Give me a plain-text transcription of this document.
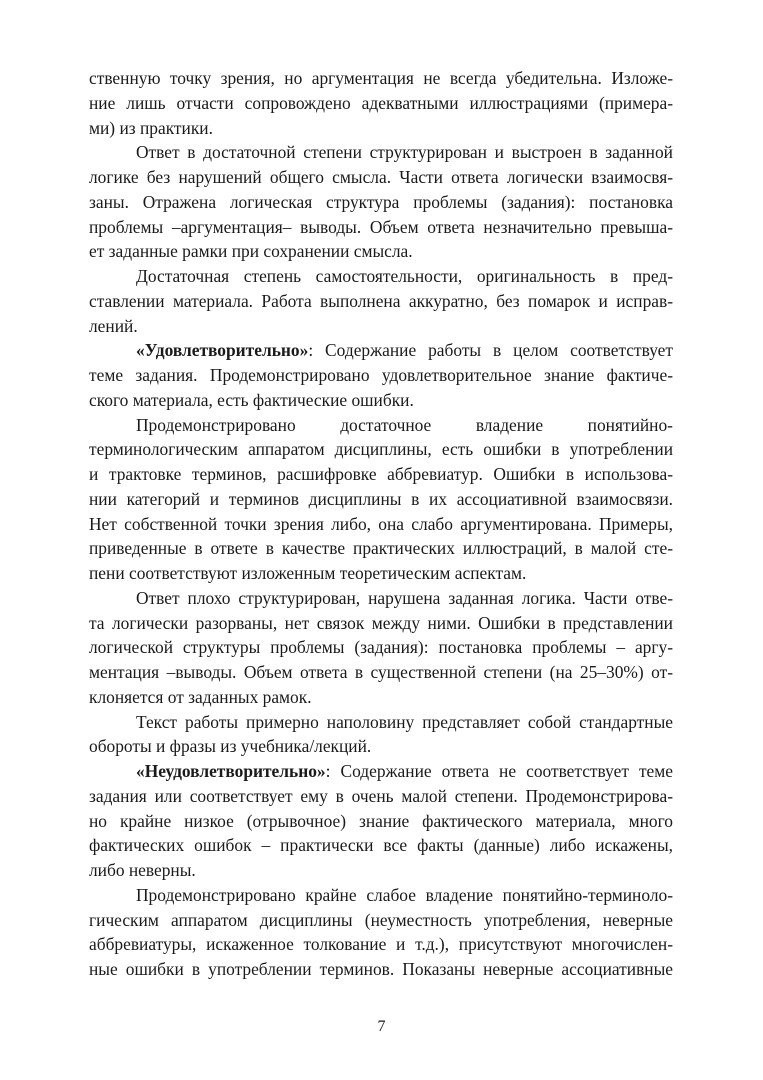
ственную точку зрения, но аргументация не всегда убедительна. Изложе-
ние лишь отчасти сопровождено адекватными иллюстрациями (примера-
ми) из практики.
Ответ в достаточной степени структурирован и выстроен в заданной
логике без нарушений общего смысла. Части ответа логически взаимосвя-
заны. Отражена логическая структура проблемы (задания): постановка
проблемы –аргументация– выводы. Объем ответа незначительно превыша-
ет заданные рамки при сохранении смысла.
Достаточная степень самостоятельности, оригинальность в пред-
ставлении материала. Работа выполнена аккуратно, без помарок и исправ-
лений.
«Удовлетворительно»: Содержание работы в целом соответствует
теме задания. Продемонстрировано удовлетворительное знание фактиче-
ского материала, есть фактические ошибки.
Продемонстрировано	достаточное	владение	понятийно-
терминологическим аппаратом дисциплины, есть ошибки в употреблении
и трактовке терминов, расшифровке аббревиатур. Ошибки в использова-
нии категорий и терминов дисциплины в их ассоциативной взаимосвязи.
Нет собственной точки зрения либо, она слабо аргументирована. Примеры,
приведенные в ответе в качестве практических иллюстраций, в малой сте-
пени соответствуют изложенным теоретическим аспектам.
Ответ плохо структурирован, нарушена заданная логика. Части отве-
та логически разорваны, нет связок между ними. Ошибки в представлении
логической структуры проблемы (задания): постановка проблемы – аргу-
ментация –выводы. Объем ответа в существенной степени (на 25–30%) от-
клоняется от заданных рамок.
Текст работы примерно наполовину представляет собой стандартные
обороты и фразы из учебника/лекций.
«Неудовлетворительно»: Содержание ответа не соответствует теме
задания или соответствует ему в очень малой степени. Продемонстрирова-
но крайне низкое (отрывочное) знание фактического материала, много
фактических ошибок – практически все факты (данные) либо искажены,
либо неверны.
Продемонстрировано крайне слабое владение понятийно-терминоло-
гическим аппаратом дисциплины (неуместность употребления, неверные
аббревиатуры, искаженное толкование и т.д.), присутствуют многочислен-
ные ошибки в употреблении терминов. Показаны неверные ассоциативные
7
